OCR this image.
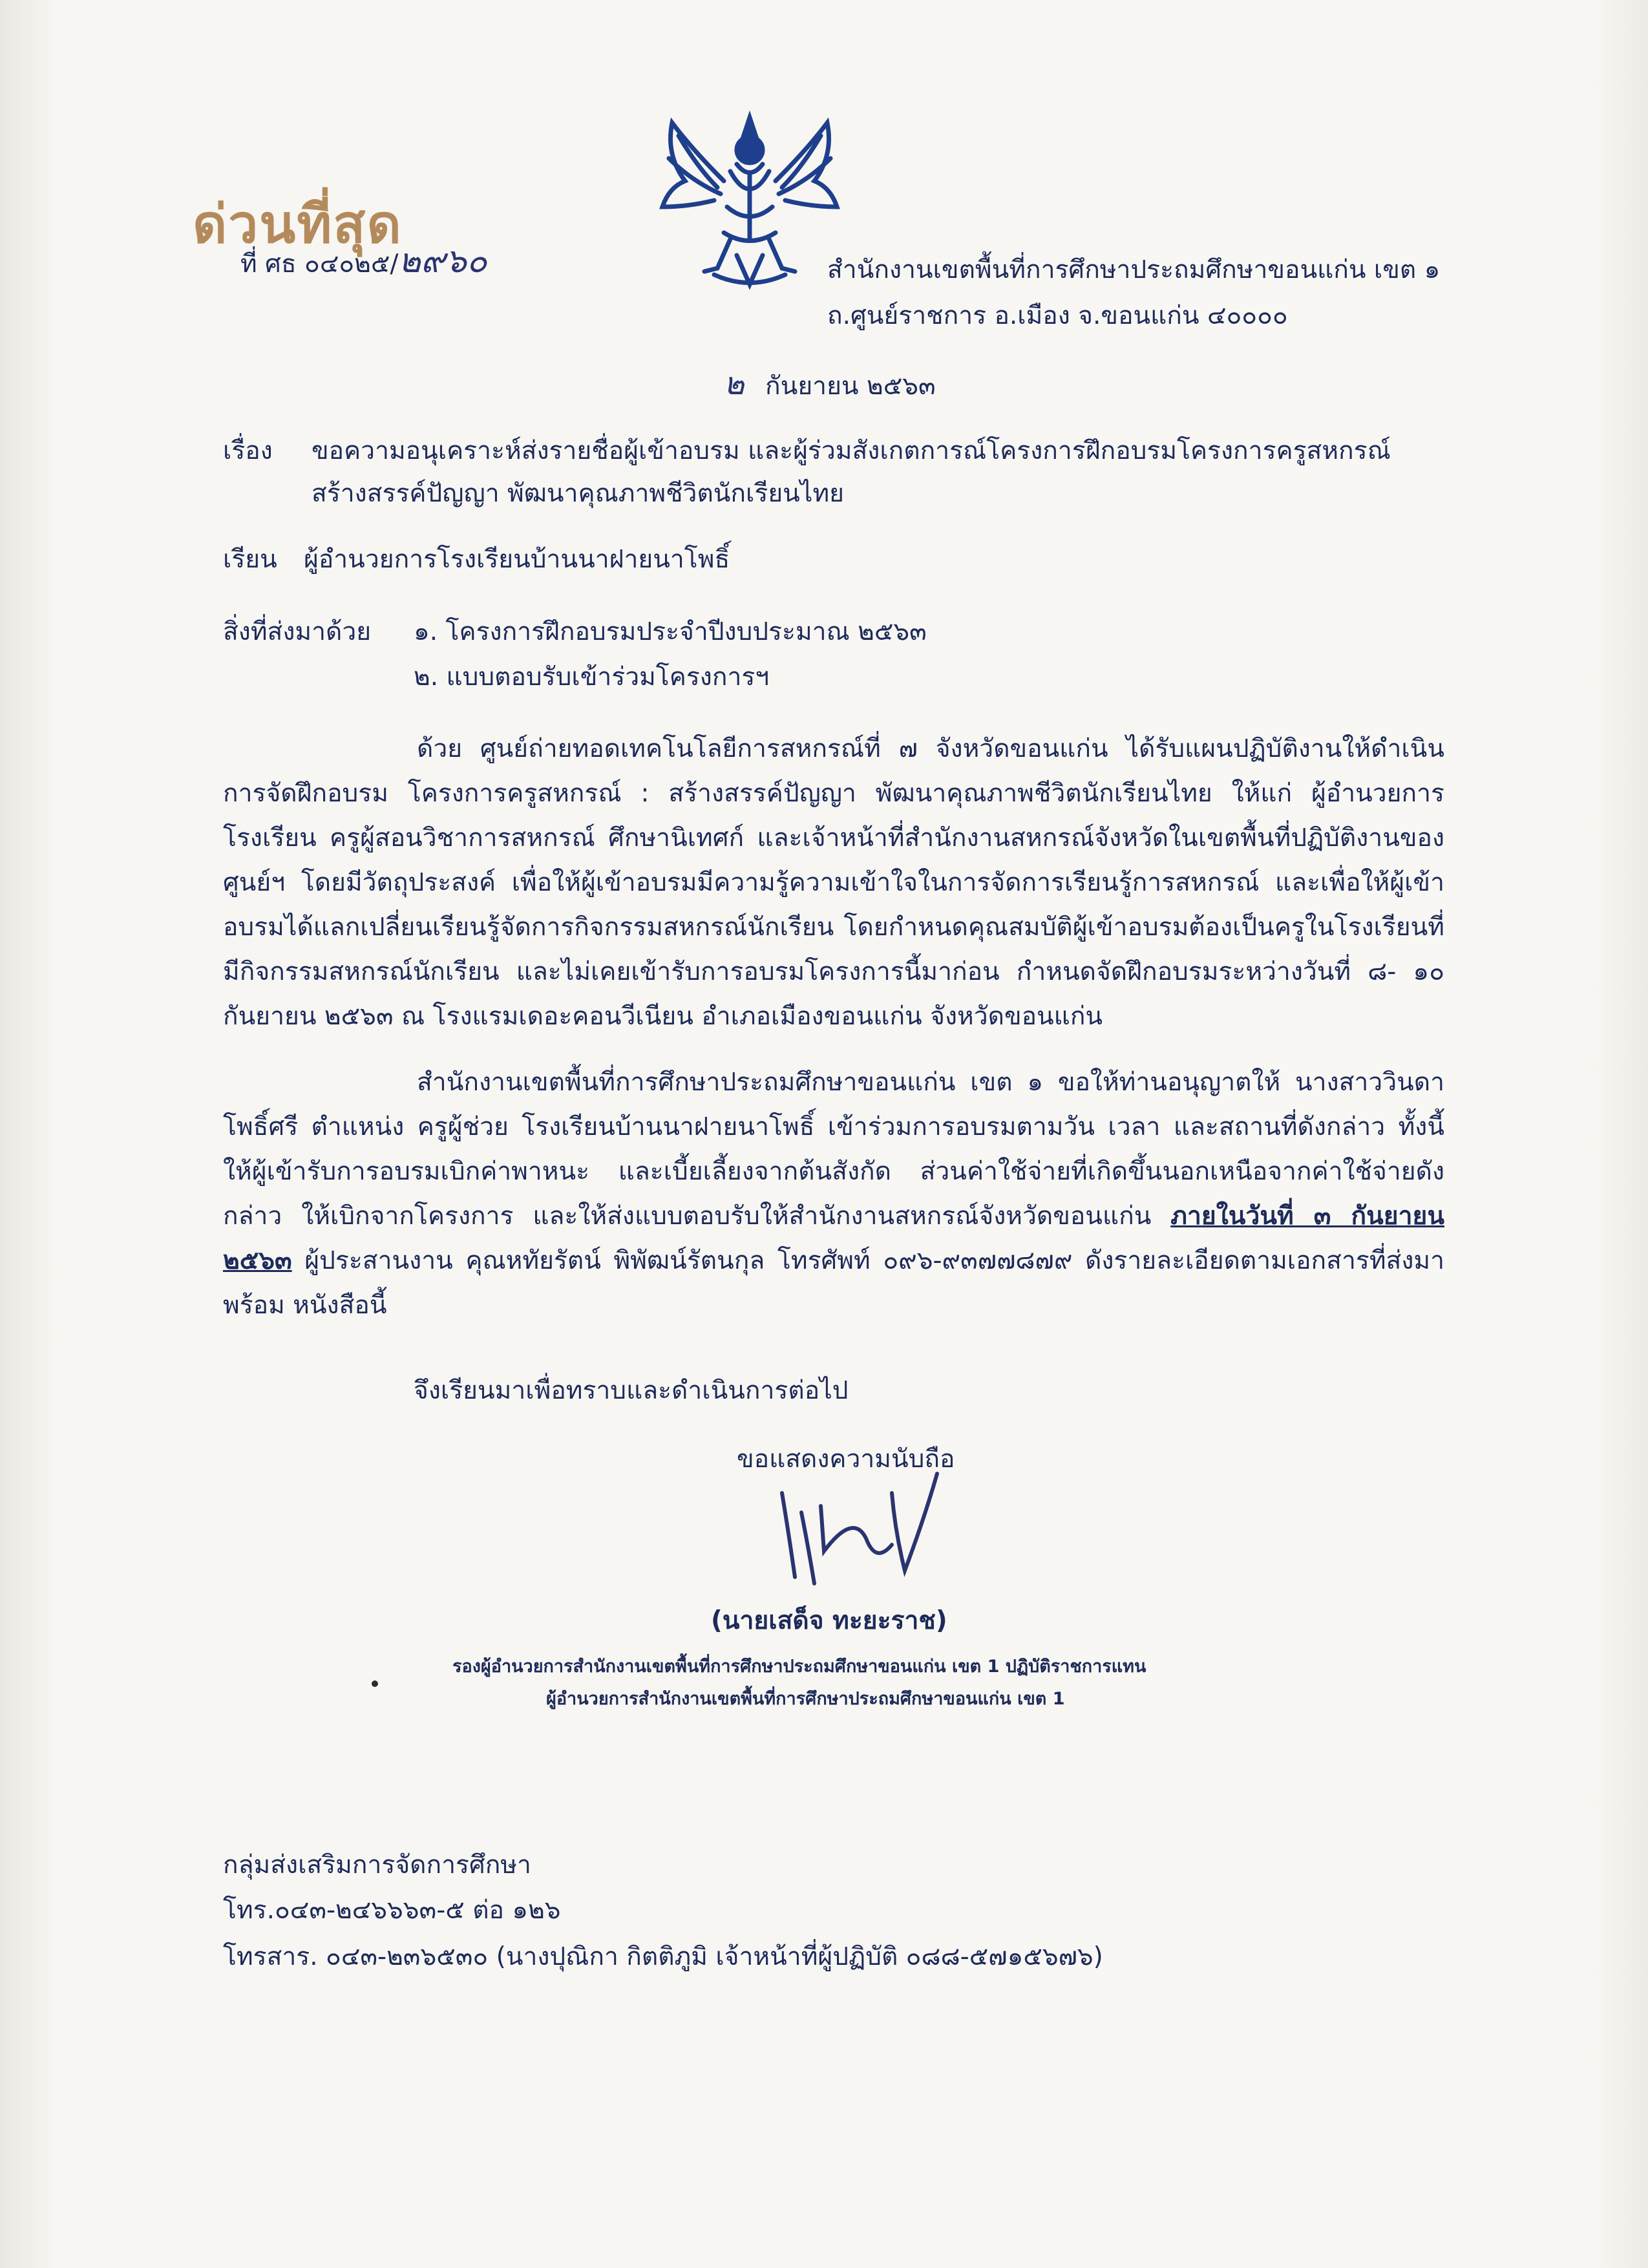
ด่วนที่สุด
ที่ ศธ ๐๔๐๒๕/๒๙๖๐	สำนักงานเขตพื้นที่การศึกษาประถมศึกษาขอนแก่น เขต ๑
ถ.ศูนย์ราชการ อ.เมือง จ.ขอนแก่น ๔๐๐๐๐
๒ กันยายน ๒๕๖๓
เรื่อง ขอความอนุเคราะห์ส่งรายชื่อผู้เข้าอบรม และผู้ร่วมสังเกตการณ์โครงการฝึกอบรมโครงการครูสหกรณ์
สร้างสรรค์ปัญญา พัฒนาคุณภาพชีวิตนักเรียนไทย
เรียน ผู้อำนวยการโรงเรียนบ้านนาฝายนาโพธิ์
สิ่งที่ส่งมาด้วย ๑. โครงการฝึกอบรมประจำปีงบประมาณ ๒๕๖๓
๒. แบบตอบรับเข้าร่วมโครงการฯ
ด้วย ศูนย์ถ่ายทอดเทคโนโลยีการสหกรณ์ที่ ๗ จังหวัดขอนแก่น ได้รับแผนปฏิบัติงานให้ดำเนินการจัดฝึกอบรม โครงการครูสหกรณ์ : สร้างสรรค์ปัญญา พัฒนาคุณภาพชีวิตนักเรียนไทย ให้แก่ ผู้อำนวยการโรงเรียน ครูผู้สอนวิชาการสหกรณ์ ศึกษานิเทศก์ และเจ้าหน้าที่สำนักงานสหกรณ์จังหวัดในเขตพื้นที่ปฏิบัติงานของศูนย์ฯ โดยมีวัตถุประสงค์ เพื่อให้ผู้เข้าอบรมมีความรู้ความเข้าใจในการจัดการเรียนรู้การสหกรณ์ และเพื่อให้ผู้เข้าอบรมได้แลกเปลี่ยนเรียนรู้จัดการกิจกรรมสหกรณ์นักเรียน โดยกำหนดคุณสมบัติผู้เข้าอบรมต้องเป็นครูในโรงเรียนที่มีกิจกรรมสหกรณ์นักเรียน และไม่เคยเข้ารับการอบรมโครงการนี้มาก่อน กำหนดจัดฝึกอบรมระหว่างวันที่ ๘- ๑๐ กันยายน ๒๕๖๓ ณ โรงแรมเดอะคอนวีเนียน อำเภอเมืองขอนแก่น จังหวัดขอนแก่น
สำนักงานเขตพื้นที่การศึกษาประถมศึกษาขอนแก่น เขต ๑ ขอให้ท่านอนุญาตให้ นางสาววินดา โพธิ์ศรี ตำแหน่ง ครูผู้ช่วย โรงเรียนบ้านนาฝายนาโพธิ์ เข้าร่วมการอบรมตามวัน เวลา และสถานที่ดังกล่าว ทั้งนี้ ให้ผู้เข้ารับการอบรมเบิกค่าพาหนะ และเบี้ยเลี้ยงจากต้นสังกัด ส่วนค่าใช้จ่ายที่เกิดขึ้นนอกเหนือจากค่าใช้จ่ายดังกล่าว ให้เบิกจากโครงการ และให้ส่งแบบตอบรับให้สำนักงานสหกรณ์จังหวัดขอนแก่น ภายในวันที่ ๓ กันยายน ๒๕๖๓ ผู้ประสานงาน คุณหทัยรัตน์ พิพัฒน์รัตนกุล โทรศัพท์ ๐๙๖-๙๓๗๗๘๗๙ ดังรายละเอียดตามเอกสารที่ส่งมาพร้อม หนังสือนี้
จึงเรียนมาเพื่อทราบและดำเนินการต่อไป
ขอแสดงความนับถือ
(นายเสด็จ ทะยะราช)
รองผู้อำนวยการสำนักงานเขตพื้นที่การศึกษาประถมศึกษาขอนแก่น เขต 1 ปฏิบัติราชการแทน
ผู้อำนวยการสำนักงานเขตพื้นที่การศึกษาประถมศึกษาขอนแก่น เขต 1
กลุ่มส่งเสริมการจัดการศึกษา
โทร.๐๔๓-๒๔๖๖๖๓-๕ ต่อ ๑๒๖
โทรสาร. ๐๔๓-๒๓๖๕๓๐ (นางปุณิกา กิตติภูมิ เจ้าหน้าที่ผู้ปฏิบัติ ๐๘๘-๕๗๑๕๖๗๖)
